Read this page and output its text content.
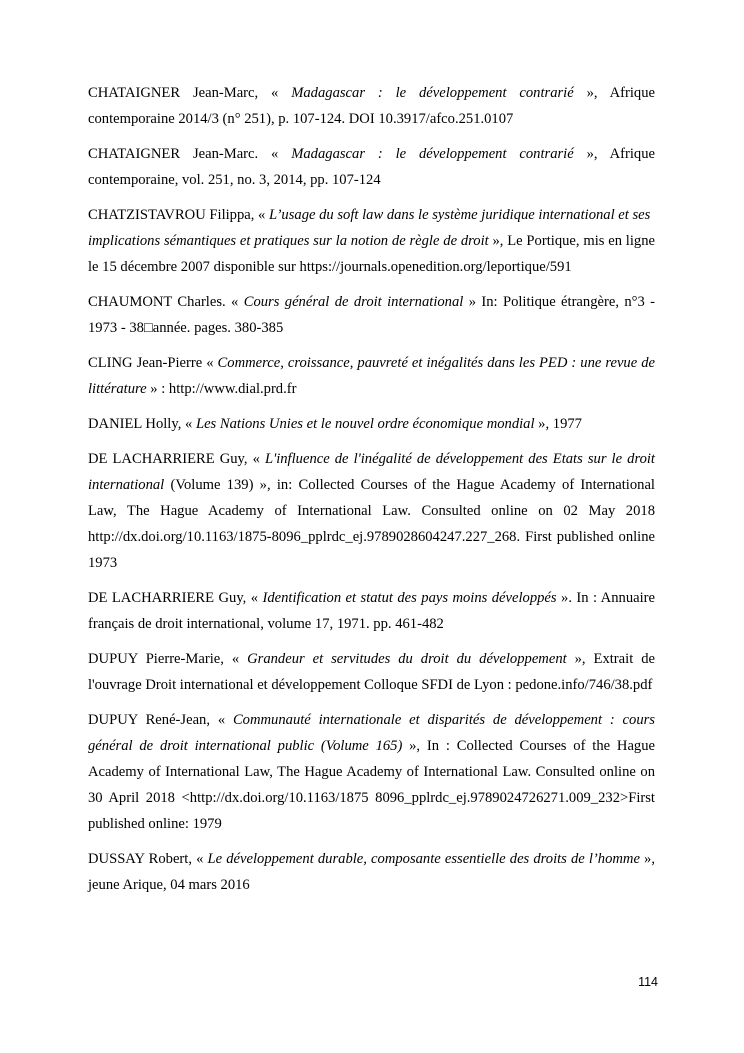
CHATAIGNER Jean-Marc, « Madagascar : le développement contrarié », Afrique contemporaine 2014/3 (n° 251), p. 107-124. DOI 10.3917/afco.251.0107

CHATAIGNER Jean-Marc. « Madagascar : le développement contrarié », Afrique contemporaine, vol. 251, no. 3, 2014, pp. 107-124

CHATZISTAVROU Filippa, « L’usage du soft law dans le système juridique international et ses
implications sémantiques et pratiques sur la notion de règle de droit », Le Portique, mis en ligne le 15 décembre 2007 disponible sur https://journals.openedition.org/leportique/591

CHAUMONT Charles. « Cours général de droit international » In: Politique étrangère, n°3 - 1973 - 38□année. pages. 380-385

CLING Jean-Pierre « Commerce, croissance, pauvreté et inégalités dans les PED : une revue de littérature » : http://www.dial.prd.fr

DANIEL Holly, « Les Nations Unies et le nouvel ordre économique mondial », 1977

DE LACHARRIERE Guy, « L'influence de l'inégalité de développement des Etats sur le droit international (Volume 139) », in: Collected Courses of the Hague Academy of International Law, The Hague Academy of International Law. Consulted online on 02 May 2018 http://dx.doi.org/10.1163/1875-8096_pplrdc_ej.9789028604247.227_268. First published online 1973

DE LACHARRIERE Guy, « Identification et statut des pays moins développés ». In : Annuaire français de droit international, volume 17, 1971. pp. 461-482

DUPUY Pierre-Marie, « Grandeur et servitudes du droit du développement », Extrait de l'ouvrage Droit international et développement Colloque SFDI de Lyon : pedone.info/746/38.pdf

DUPUY René-Jean, « Communauté internationale et disparités de développement : cours général de droit international public (Volume 165) », In : Collected Courses of the Hague Academy of International Law, The Hague Academy of International Law. Consulted online on 30 April 2018 <http://dx.doi.org/10.1163/1875 8096_pplrdc_ej.9789024726271.009_232>First published online: 1979

DUSSAY Robert, « Le développement durable, composante essentielle des droits de l’homme », jeune Arique, 04 mars 2016

114
